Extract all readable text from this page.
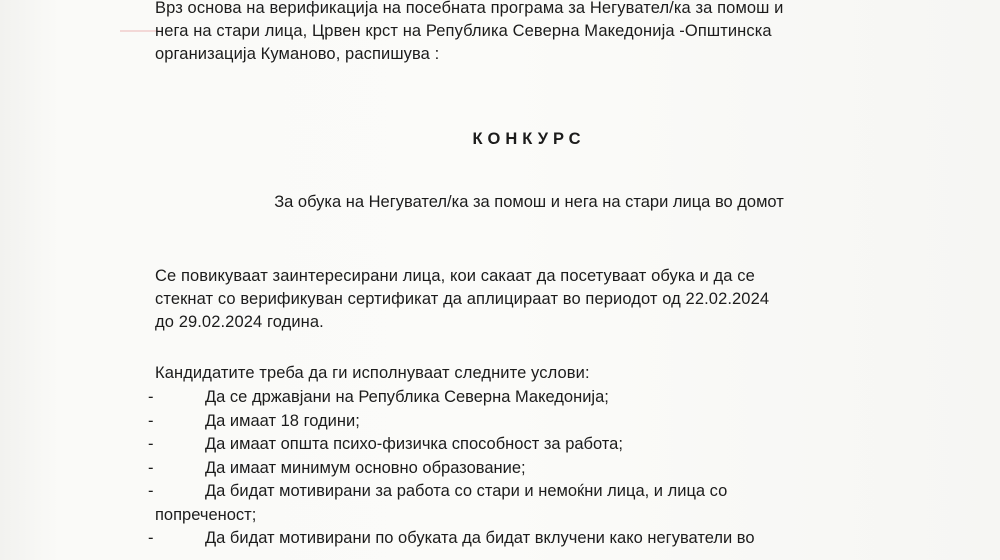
Врз основа на верификација на посебната програма за Негувател/ка за помош и
нега на стари лица, Црвен крст на Република Северна Македонија -Општинска
организација Куманово, распишува :
КОНКУРС
За обука на Негувател/ка за помош и нега на стари лица во домот
Се повикуваат заинтересирани лица, кои сакаат да посетуваат обука и да се
стекнат со верификуван сертификат да аплицираат во периодот од 22.02.2024
до 29.02.2024 година.
Кандидатите треба да ги исполнуваат следните услови:
-	Да се државјани на Република Северна Македонија;
-	Да имаат 18 години;
-	Да имаат општа психо-физичка способност за работа;
-	Да имаат минимум основно образование;
-	Да бидат мотивирани за работа со стари и немоќни лица, и лица со
попреченост;
-	Да бидат мотивирани по обуката да бидат вклучени како негуватели во
